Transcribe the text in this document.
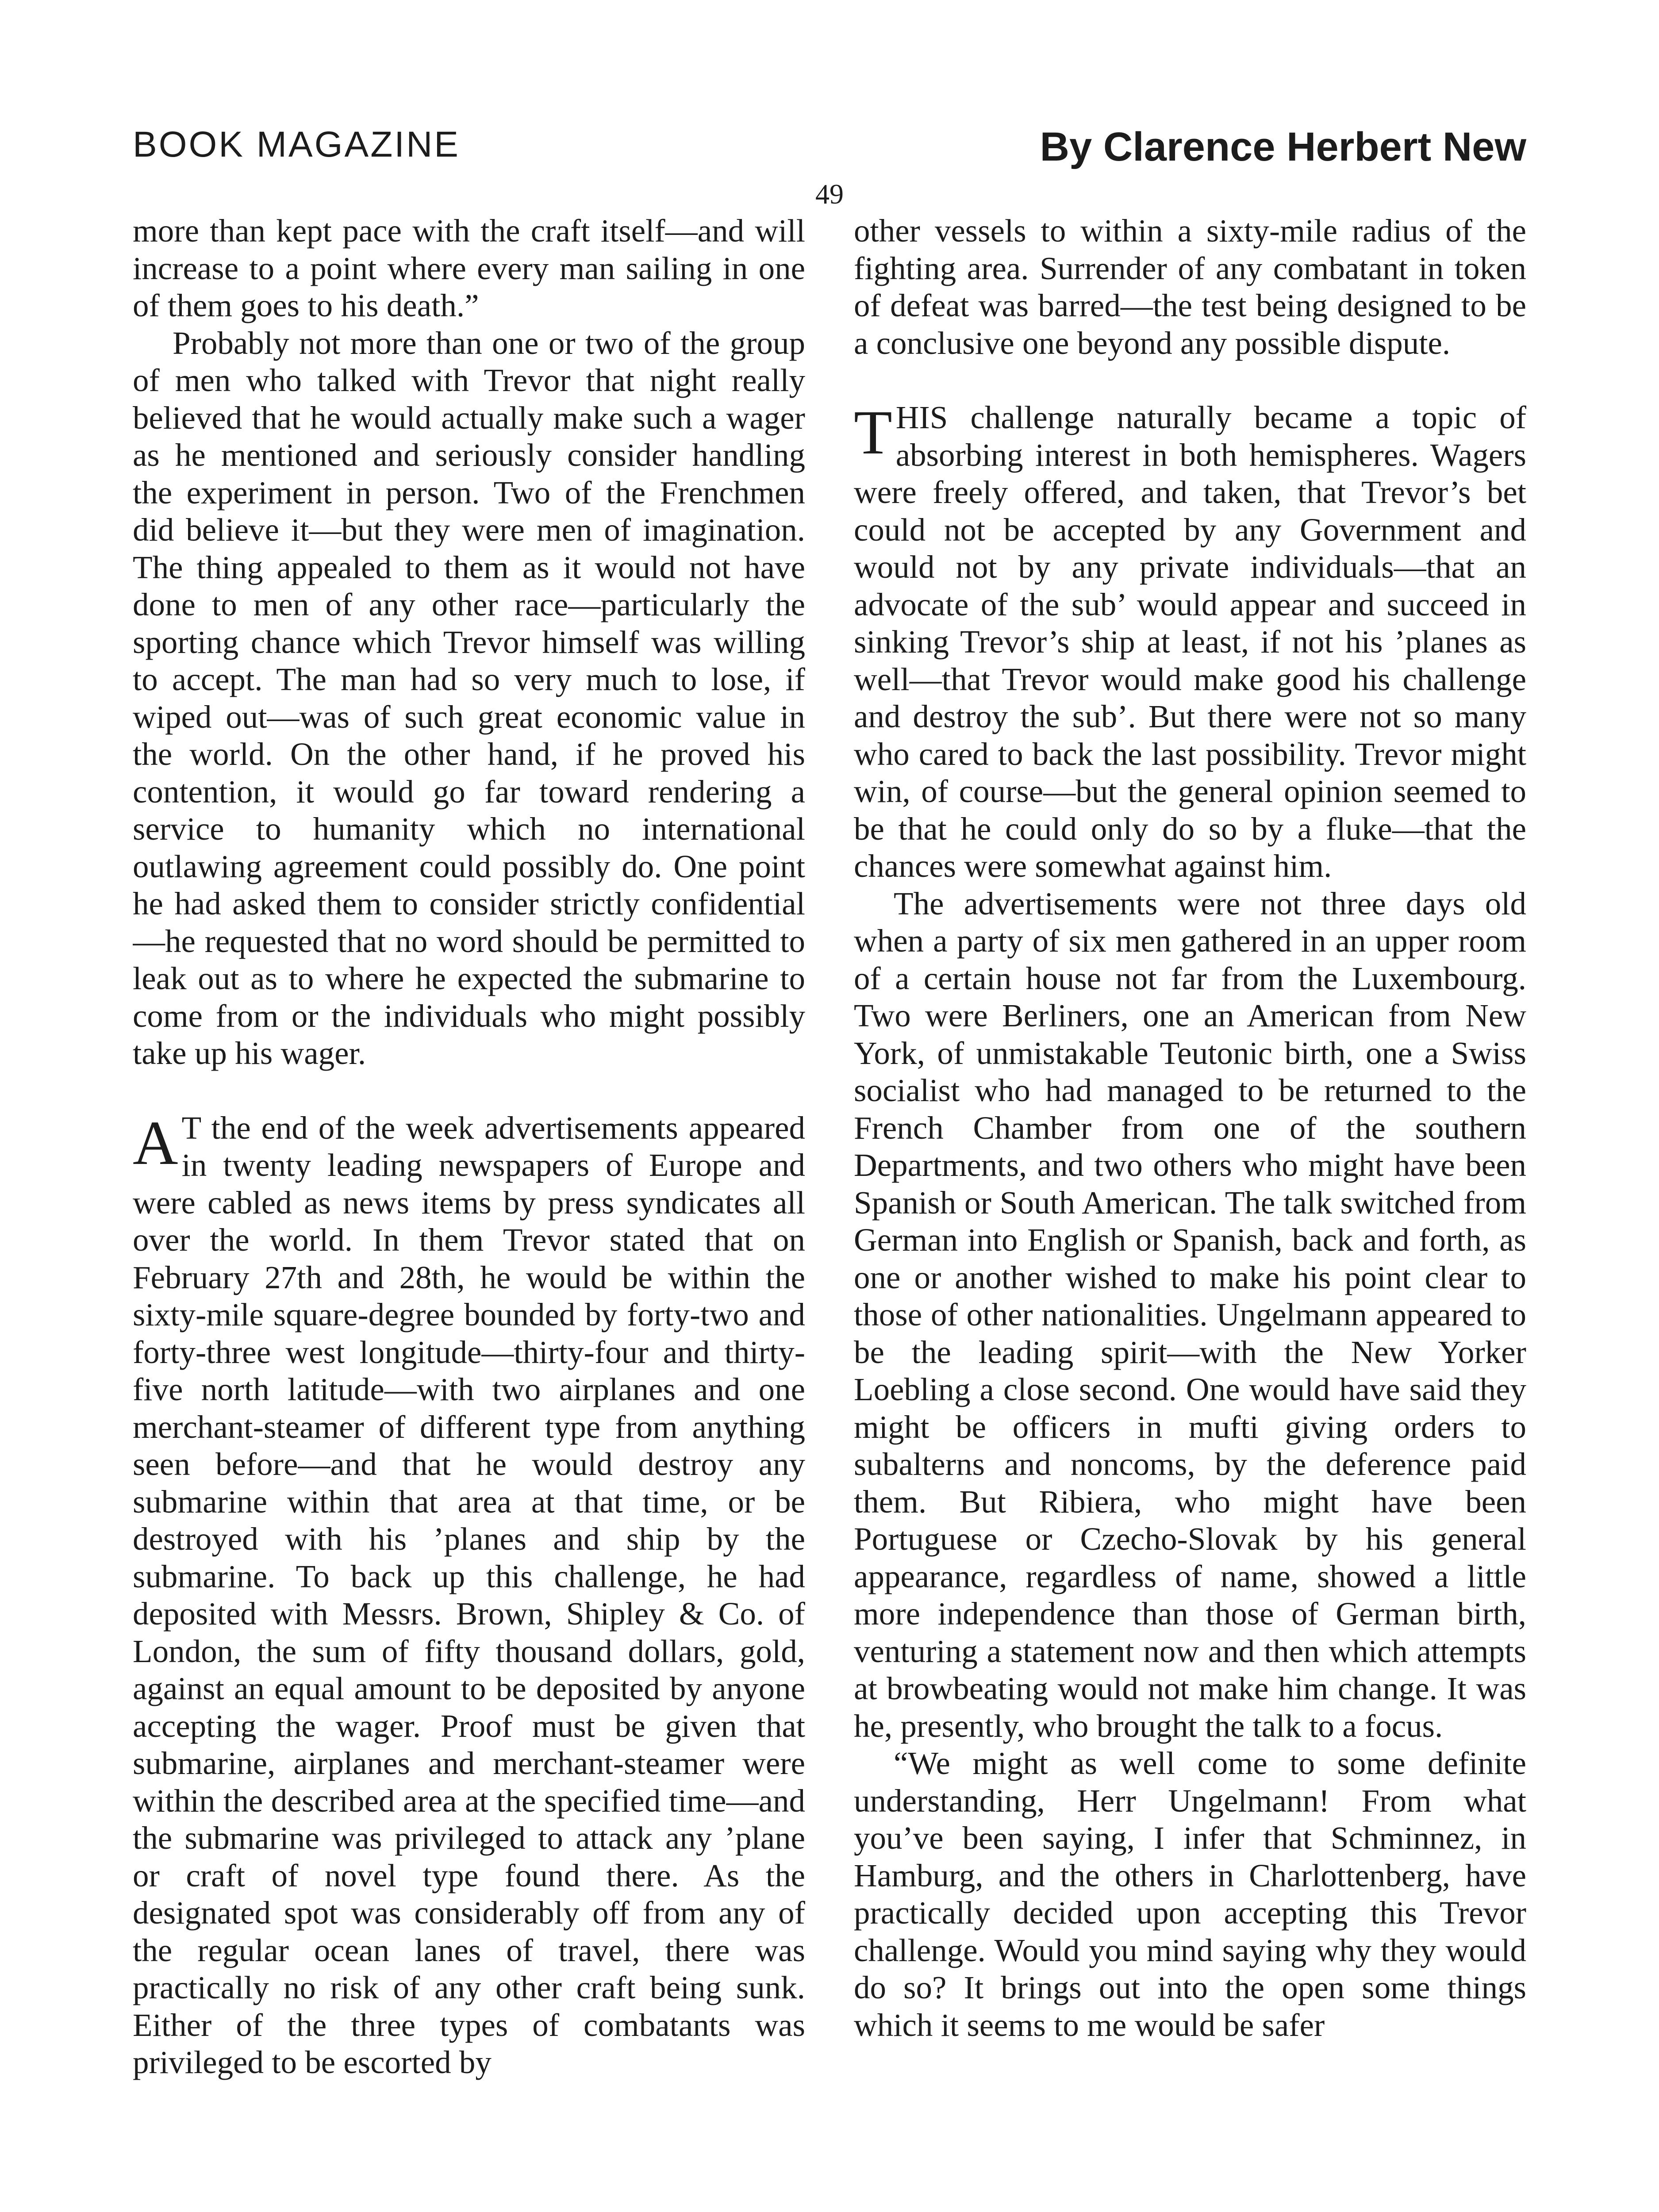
BOOK MAGAZINE	By Clarence Herbert New
49

more than kept pace with the craft itself—and will increase to a point where every man sailing in one of them goes to his death.”

Probably not more than one or two of the group of men who talked with Trevor that night really believed that he would actually make such a wager as he mentioned and seriously consider handling the experiment in person. Two of the Frenchmen did believe it—but they were men of imagination. The thing appealed to them as it would not have done to men of any other race—particularly the sporting chance which Trevor himself was willing to accept. The man had so very much to lose, if wiped out—was of such great economic value in the world. On the other hand, if he proved his contention, it would go far toward rendering a service to humanity which no international outlawing agreement could possibly do. One point he had asked them to consider strictly confidential—he requested that no word should be permitted to leak out as to where he expected the submarine to come from or the individuals who might possibly take up his wager.

A T the end of the week advertisements appeared in twenty leading newspapers of Europe and were cabled as news items by press syndicates all over the world. In them Trevor stated that on February 27th and 28th, he would be within the sixty-mile square-degree bounded by forty-two and forty-three west longitude—thirty-four and thirty-five north latitude—with two airplanes and one merchant-steamer of different type from anything seen before—and that he would destroy any submarine within that area at that time, or be destroyed with his ’planes and ship by the submarine. To back up this challenge, he had deposited with Messrs. Brown, Shipley & Co. of London, the sum of fifty thousand dollars, gold, against an equal amount to be deposited by anyone accepting the wager. Proof must be given that submarine, airplanes and merchant-steamer were within the described area at the specified time—and the submarine was privileged to attack any ’plane or craft of novel type found there. As the designated spot was considerably off from any of the regular ocean lanes of travel, there was practically no risk of any other craft being sunk. Either of the three types of combatants was privileged to be escorted by

other vessels to within a sixty-mile radius of the fighting area. Surrender of any combatant in token of defeat was barred—the test being designed to be a conclusive one beyond any possible dispute.

THIS challenge naturally became a topic of absorbing interest in both hemispheres. Wagers were freely offered, and taken, that Trevor’s bet could not be accepted by any Government and would not by any private individuals—that an advocate of the sub’ would appear and succeed in sinking Trevor’s ship at least, if not his ’planes as well—that Trevor would make good his challenge and destroy the sub’. But there were not so many who cared to back the last possibility. Trevor might win, of course—but the general opinion seemed to be that he could only do so by a fluke—that the chances were somewhat against him.

The advertisements were not three days old when a party of six men gathered in an upper room of a certain house not far from the Luxembourg. Two were Berliners, one an American from New York, of unmistakable Teutonic birth, one a Swiss socialist who had managed to be returned to the French Chamber from one of the southern Departments, and two others who might have been Spanish or South American. The talk switched from German into English or Spanish, back and forth, as one or another wished to make his point clear to those of other nationalities. Ungelmann appeared to be the leading spirit—with the New Yorker Loebling a close second. One would have said they might be officers in mufti giving orders to subalterns and noncoms, by the deference paid them. But Ribiera, who might have been Portuguese or Czecho-Slovak by his general appearance, regardless of name, showed a little more independence than those of German birth, venturing a statement now and then which attempts at browbeating would not make him change. It was he, presently, who brought the talk to a focus.

“We might as well come to some definite understanding, Herr Ungelmann! From what you’ve been saying, I infer that Schminnez, in Hamburg, and the others in Charlottenberg, have practically decided upon accepting this Trevor challenge. Would you mind saying why they would do so? It brings out into the open some things which it seems to me would be safer
